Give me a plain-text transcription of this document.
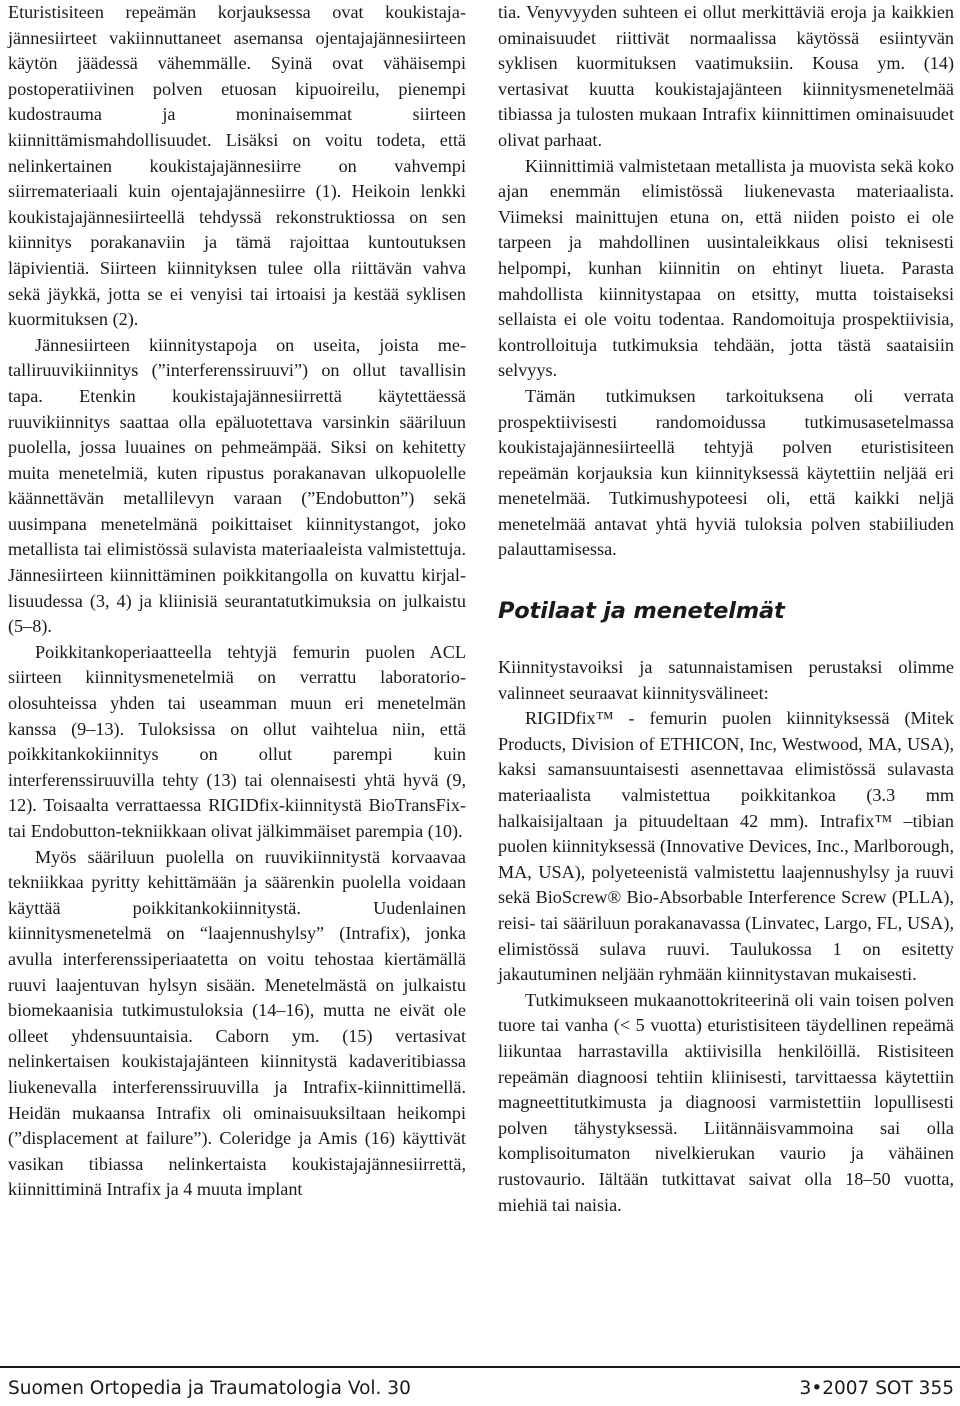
Eturistisiteen repeämän korjauksessa ovat koukistajajännesiirteet vakiinnuttaneet asemansa ojentajajännesiirteen käytön jäädessä vähemmälle. Syinä ovat vähäisempi postoperatiivinen polven etuosan kipuoireilu, pienempi kudostrauma ja moninaisemmat siirteen kiinnittämismahdollisuudet. Lisäksi on voitu todeta, että nelinkertainen koukistajajännesiirre on vahvempi siirremateriaali kuin ojentajajännesiirre (1). Heikoin lenkki koukistajajännesiirteellä tehdyssä rekonstruktiossa on sen kiinnitys porakanaviin ja tämä rajoittaa kuntoutuksen läpivientiä. Siirteen kiinnityksen tulee olla riittävän vahva sekä jäykkä, jotta se ei venyisi tai irtoaisi ja kestää syklisen kuormituksen (2).

Jännesiirteen kiinnitystapoja on useita, joista metalliruuvikiinnitys (”interferenssiruuvi”) on ollut tavallisin tapa. Etenkin koukistajajännesiirrettä käytettäessä ruuvikiinnitys saattaa olla epäluotettava varsinkin sääriluun puolella, jossa luuaines on pehmeämpää. Siksi on kehitetty muita menetelmiä, kuten ripustus porakanavan ulkopuolelle käännettävän metallilevyn varaan (”Endobutton”) sekä uusimpana menetelmänä poikittaiset kiinnitystangot, joko metallista tai elimistössä sulavista materiaaleista valmistettuja. Jännesiirteen kiinnittäminen poikkitangolla on kuvattu kirjallisuudessa (3, 4) ja kliinisiä seurantatutkimuksia on julkaistu (5–8).

Poikkitankoperiaatteella tehtyjä femurin puolen ACL siirteen kiinnitysmenetelmiä on verrattu laboratorio-olosuhteissa yhden tai useamman muun eri menetelmän kanssa (9–13). Tuloksissa on ollut vaihtelua niin, että poikkitankokiinnitys on ollut parempi kuin interferenssiruuvilla tehty (13) tai olennaisesti yhtä hyvä (9, 12). Toisaalta verrattaessa RIGIDfix-kiinnitystä BioTransFix- tai Endobutton-tekniikkaan olivat jälkimmäiset parempia (10).

Myös sääriluun puolella on ruuvikiinnitystä korvaavaa tekniikkaa pyritty kehittämään ja säärenkin puolella voidaan käyttää poikkitankokiinnitystä. Uudenlainen kiinnitysmenetelmä on “laajennushylsy” (Intrafix), jonka avulla interferenssiperiaatetta on voitu tehostaa kiertämällä ruuvi laajentuvan hylsyn sisään. Menetelmästä on julkaistu biomekaanisia tutkimustuloksia (14–16), mutta ne eivät ole olleet yhdensuuntaisia. Caborn ym. (15) vertasivat nelinkertaisen koukistajajänteen kiinnitystä kadaveritibiassa liukenevalla interferenssiruuvilla ja Intrafix-kiinnittimellä. Heidän mukaansa Intrafix oli ominaisuuksiltaan heikompi (”displacement at failure”). Coleridge ja Amis (16) käyttivät vasikan tibiassa nelinkertaista koukistajajännesiirrettä, kiinnittiminä Intrafix ja 4 muuta implant

tia. Venyvyyden suhteen ei ollut merkittäviä eroja ja kaikkien ominaisuudet riittivät normaalissa käytössä esiintyvän syklisen kuormituksen vaatimuksiin. Kousa ym. (14) vertasivat kuutta koukistajajänteen kiinnitysmenetelmää tibiassa ja tulosten mukaan Intrafix kiinnittimen ominaisuudet olivat parhaat.

Kiinnittimiä valmistetaan metallista ja muovista sekä koko ajan enemmän elimistössä liukenevasta materiaalista. Viimeksi mainittujen etuna on, että niiden poisto ei ole tarpeen ja mahdollinen uusintaleikkaus olisi teknisesti helpompi, kunhan kiinnitin on ehtinyt liueta. Parasta mahdollista kiinnitystapaa on etsitty, mutta toistaiseksi sellaista ei ole voitu todentaa. Randomoituja prospektiivisia, kontrolloituja tutkimuksia tehdään, jotta tästä saataisiin selvyys.

Tämän tutkimuksen tarkoituksena oli verrata prospektiivisesti randomoidussa tutkimusasetelmassa koukistajajännesiirteellä tehtyjä polven eturistisiteen repeämän korjauksia kun kiinnityksessä käytettiin neljää eri menetelmää. Tutkimushypoteesi oli, että kaikki neljä menetelmää antavat yhtä hyviä tuloksia polven stabiiliuden palauttamisessa.

Potilaat ja menetelmät

Kiinnitystavoiksi ja satunnaistamisen perustaksi olimme valinneet seuraavat kiinnitysvälineet:

RIGIDfix™ - femurin puolen kiinnityksessä (Mitek Products, Division of ETHICON, Inc, Westwood, MA, USA), kaksi samansuuntaisesti asennettavaa elimistössä sulavasta materiaalista valmistettua poikkitankoa (3.3 mm halkaisijaltaan ja pituudeltaan 42 mm). Intrafix™ –tibian puolen kiinnityksessä (Innovative Devices, Inc., Marlborough, MA, USA), polyeteenistä valmistettu laajennushylsy ja ruuvi sekä BioScrew® Bio-Absorbable Interference Screw (PLLA), reisi- tai sääriluun porakanavassa (Linvatec, Largo, FL, USA), elimistössä sulava ruuvi. Taulukossa 1 on esitetty jakautuminen neljään ryhmään kiinnitystavan mukaisesti.

Tutkimukseen mukaanottokriteerinä oli vain toisen polven tuore tai vanha (< 5 vuotta) eturistisiteen täydellinen repeämä liikuntaa harrastavilla aktiivisilla henkilöillä. Ristisiteen repeämän diagnoosi tehtiin kliinisesti, tarvittaessa käytettiin magneettitutkimusta ja diagnoosi varmistettiin lopullisesti polven tähystyksessä. Liitännäisvammoina sai olla komplisoitumaton nivelkierukan vaurio ja vähäinen rustovaurio. Iältään tutkittavat saivat olla 18–50 vuotta, miehiä tai naisia.

Suomen Ortopedia ja Traumatologia Vol. 30	3•2007 SOT 355
